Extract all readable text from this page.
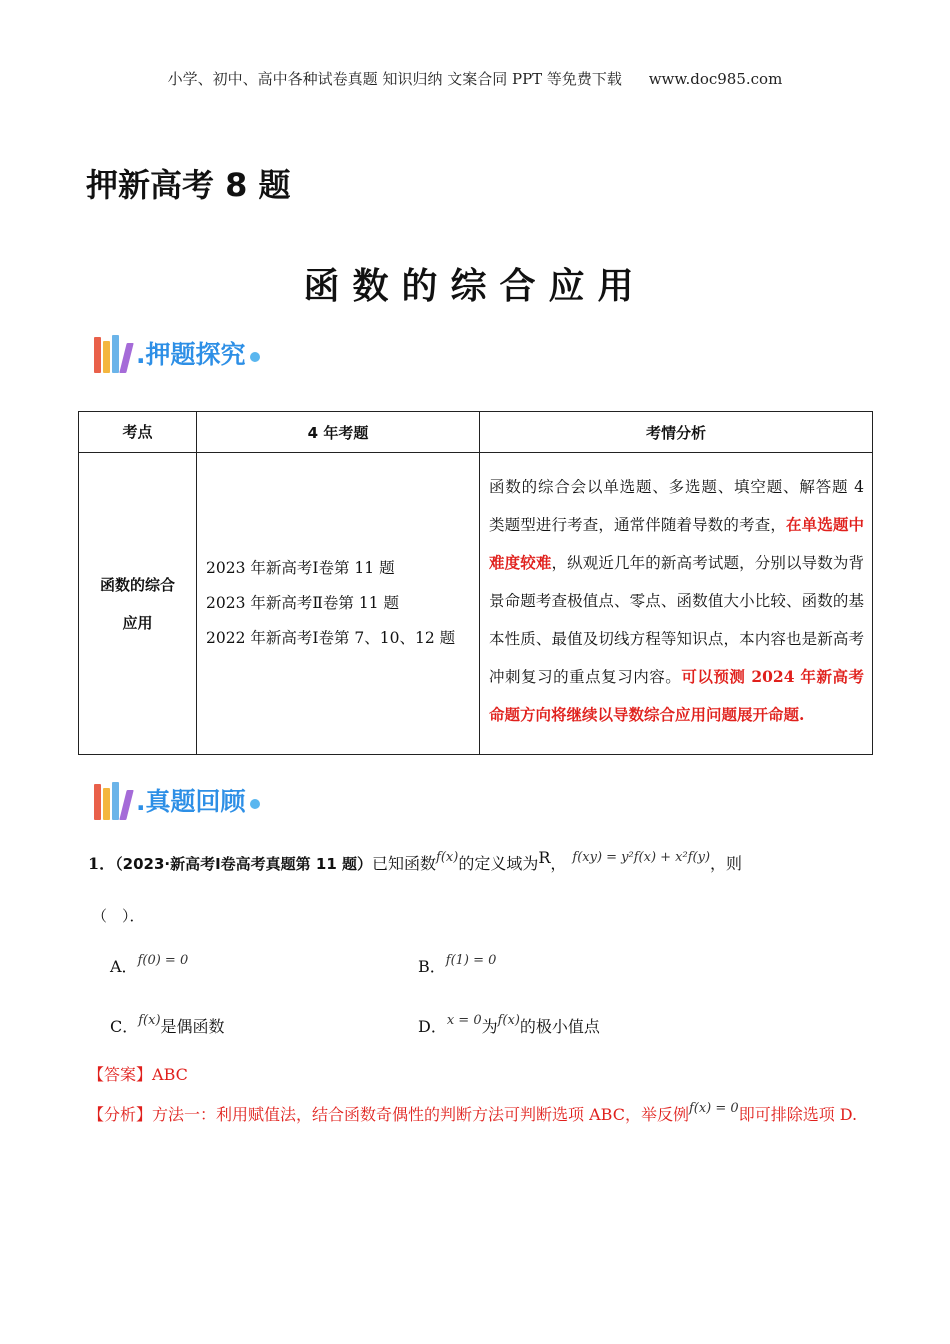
小学、初中、高中各种试卷真题 知识归纳 文案合同 PPT 等免费下载 www.doc985.com
押新高考 8 题
函数的综合应用
.押题探究
考点	4 年考题	考情分析

函数的综合应用	2023 年新高考Ⅰ卷第 11 题
2023 年新高考Ⅱ卷第 11 题
2022 年新高考Ⅰ卷第 7、10、12 题	函数的综合会以单选题、多选题、填空题、解答题 4 类题型进行考查，通常伴随着导数的考查，在单选题中难度较难，纵观近几年的新高考试题，分别以导数为背景命题考查极值点、零点、函数值大小比较、函数的基本性质、最值及切线方程等知识点，本内容也是新高考冲刺复习的重点复习内容。可以预测 2024 年新高考命题方向将继续以导数综合应用问题展开命题.
.真题回顾
1．（2023·新高考Ⅰ卷高考真题第 11 题）已知函数$^{f(x)}$的定义域为R， $^{f(xy) = y^2f(x) + x^2f(y)}$，则
（　）．
A．$^{f(0) = 0}$	B．$^{f(1) = 0}$
C．$^{f(x)}$是偶函数	D．$^{x = 0}$为$^{f(x)}$的极小值点
【答案】ABC
【分析】方法一：利用赋值法，结合函数奇偶性的判断方法可判断选项 ABC，举反例$^{f(x) = 0}$即可排除选项 D.
